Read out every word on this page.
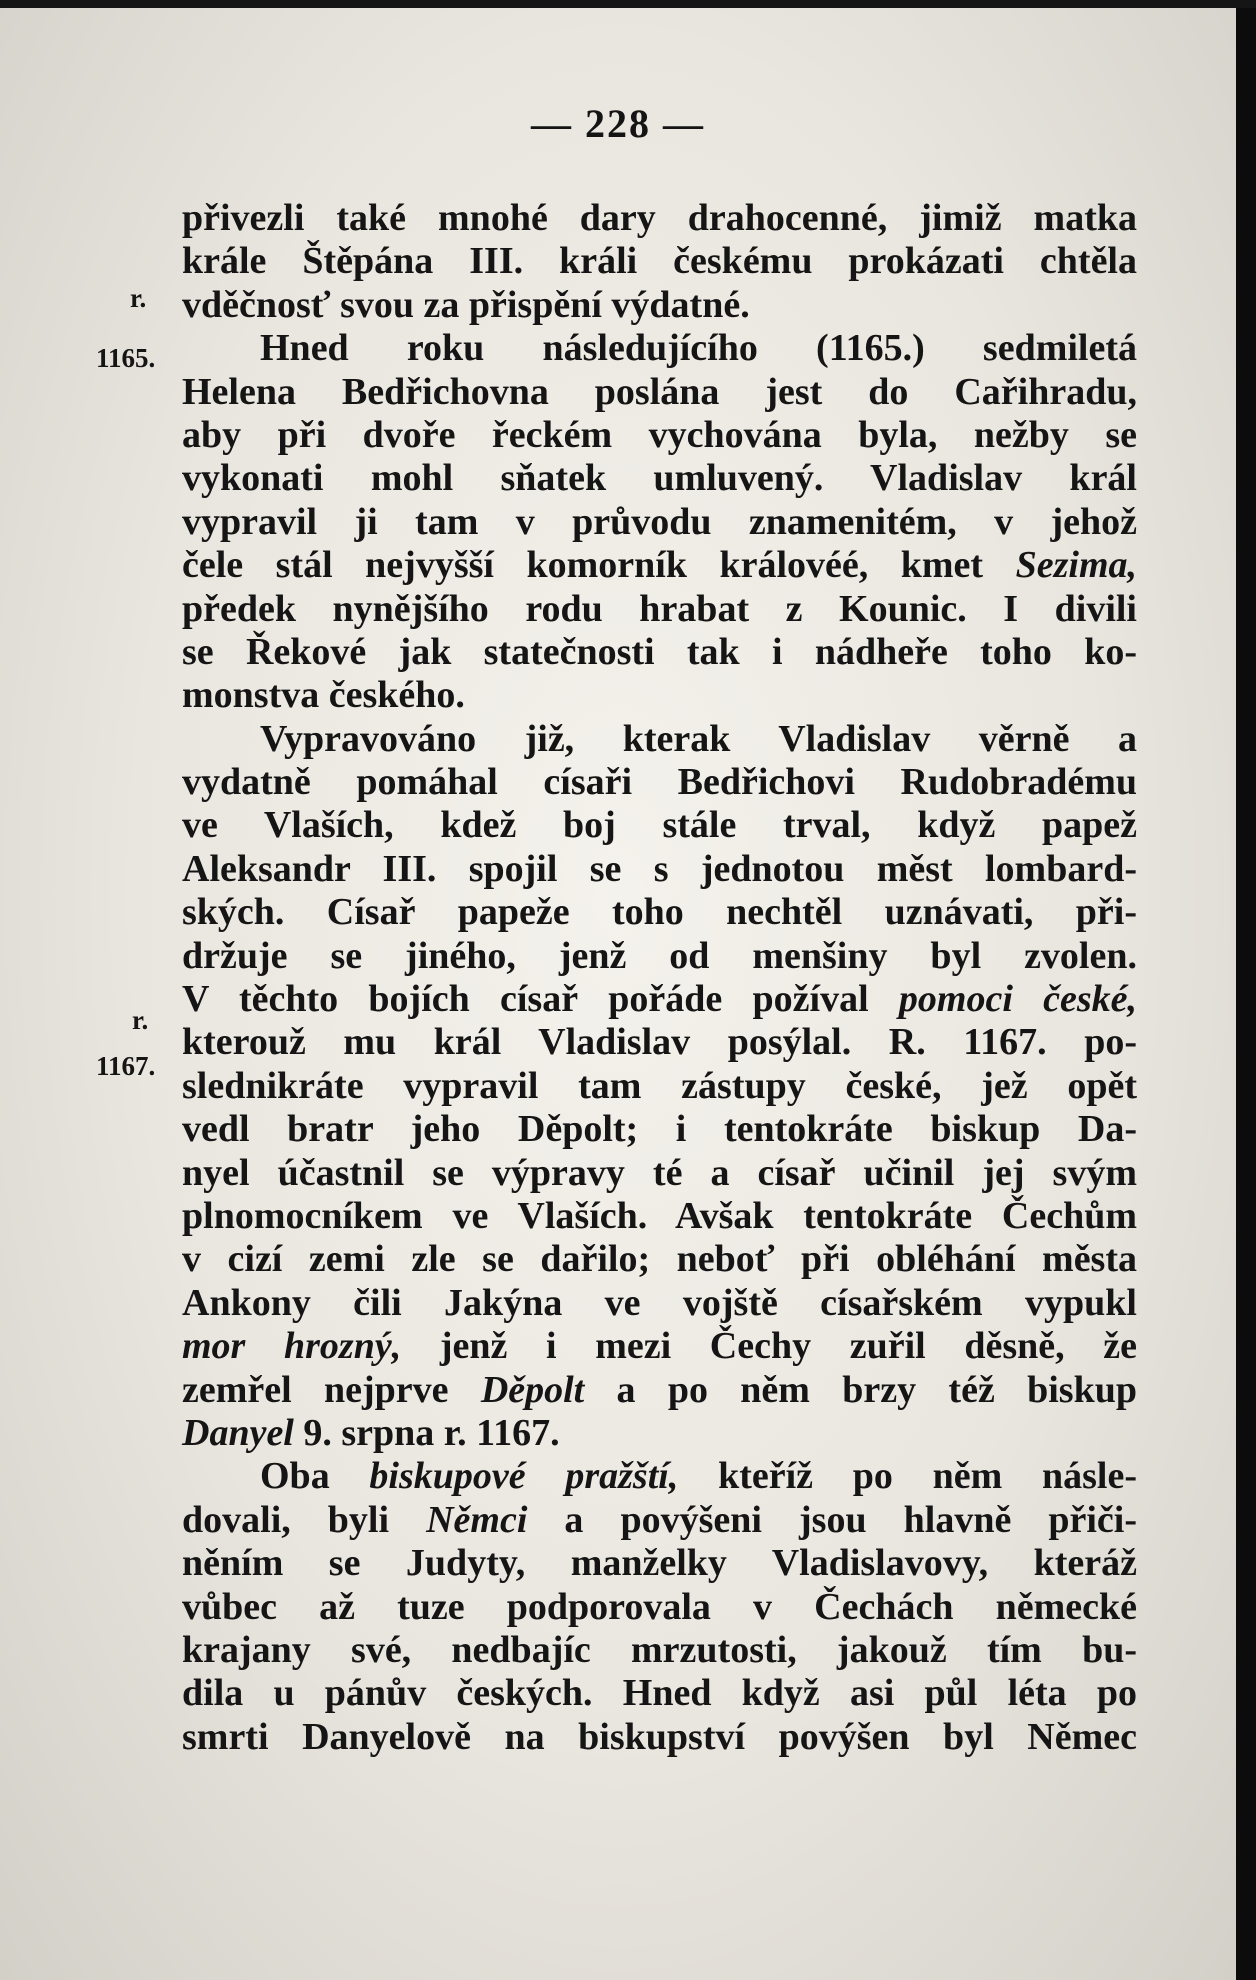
— 228 —
r.
1165.
r.
1167.
přivezli také mnohé dary drahocenné, jimiž matka
krále Štěpána III. králi českému prokázati chtěla
vděčnosť svou za přispění výdatné.
Hned roku následujícího (1165.) sedmiletá
Helena Bedřichovna poslána jest do Cařihradu,
aby při dvoře řeckém vychována byla, nežby se
vykonati mohl sňatek umluvený. Vladislav král
vypravil ji tam v průvodu znamenitém, v jehož
čele stál nejvyšší komorník královéé, kmet Sezima,
předek nynějšího rodu hrabat z Kounic. I divili
se Řekové jak statečnosti tak i nádheře toho ko-
monstva českého.
Vypravováno již, kterak Vladislav věrně a
vydatně pomáhal císaři Bedřichovi Rudobradému
ve Vlaších, kdež boj stále trval, když papež
Aleksandr III. spojil se s jednotou měst lombard-
ských. Císař papeže toho nechtěl uznávati, při-
držuje se jiného, jenž od menšiny byl zvolen.
V těchto bojích císař pořáde požíval pomoci české,
kterouž mu král Vladislav posýlal. R. 1167. po-
slednikráte vypravil tam zástupy české, jež opět
vedl bratr jeho Děpolt; i tentokráte biskup Da-
nyel účastnil se výpravy té a císař učinil jej svým
plnomocníkem ve Vlaších. Avšak tentokráte Čechům
v cizí zemi zle se dařilo; neboť při obléhání města
Ankony čili Jakýna ve vojště císařském vypukl
mor hrozný, jenž i mezi Čechy zuřil děsně, že
zemřel nejprve Děpolt a po něm brzy též biskup
Danyel 9. srpna r. 1167.
Oba biskupové pražští, kteříž po něm násle-
dovali, byli Němci a povýšeni jsou hlavně přiči-
něním se Judyty, manželky Vladislavovy, kteráž
vůbec až tuze podporovala v Čechách německé
krajany své, nedbajíc mrzutosti, jakouž tím bu-
dila u pánův českých. Hned když asi půl léta po
smrti Danyelově na biskupství povýšen byl Němec
